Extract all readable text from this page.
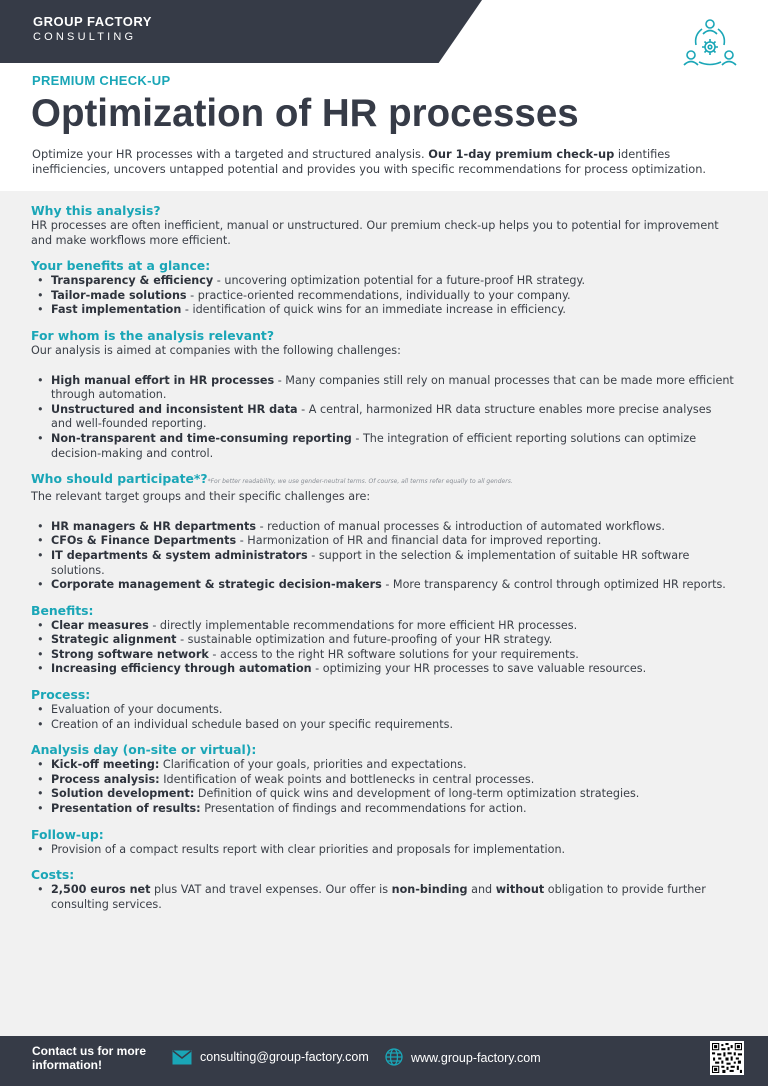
GROUP FACTORY
CONSULTING
PREMIUM CHECK-UP
Optimization of HR processes

Optimize your HR processes with a targeted and structured analysis. Our 1-day premium check-up identifies inefficiencies, uncovers untapped potential and provides you with specific recommendations for process optimization.

Why this analysis?

HR processes are often inefficient, manual or unstructured. Our premium check-up helps you to potential for improvement and make workflows more efficient.

Your benefits at a glance:
• Transparency & efficiency - uncovering optimization potential for a future-proof HR strategy.
• Tailor-made solutions - practice-oriented recommendations, individually to your company.
• Fast implementation - identification of quick wins for an immediate increase in efficiency.
For whom is the analysis relevant?

Our analysis is aimed at companies with the following challenges:

• High manual effort in HR processes - Many companies still rely on manual processes that can be made more efficient through automation.
• Unstructured and inconsistent HR data - A central, harmonized HR data structure enables more precise analyses and well-founded reporting.
• Non-transparent and time-consuming reporting - The integration of efficient reporting solutions can optimize decision-making and control.
Who should participate*?*For better readability, we use gender-neutral terms. Of course, all terms refer equally to all genders.

The relevant target groups and their specific challenges are:

• HR managers & HR departments - reduction of manual processes & introduction of automated workflows.
• CFOs & Finance Departments - Harmonization of HR and financial data for improved reporting.
• IT departments & system administrators - support in the selection & implementation of suitable HR software solutions.
• Corporate management & strategic decision-makers - More transparency & control through optimized HR reports.
Benefits:
• Clear measures - directly implementable recommendations for more efficient HR processes.
• Strategic alignment - sustainable optimization and future-proofing of your HR strategy.
• Strong software network - access to the right HR software solutions for your requirements.
• Increasing efficiency through automation - optimizing your HR processes to save valuable resources.
Process:
• Evaluation of your documents.
• Creation of an individual schedule based on your specific requirements.
Analysis day (on-site or virtual):
• Kick-off meeting: Clarification of your goals, priorities and expectations.
• Process analysis: Identification of weak points and bottlenecks in central processes.
• Solution development: Definition of quick wins and development of long-term optimization strategies.
• Presentation of results: Presentation of findings and recommendations for action.
Follow-up:
• Provision of a compact results report with clear priorities and proposals for implementation.
Costs:
• 2,500 euros net plus VAT and travel expenses. Our offer is non-binding and without obligation to provide further consulting services.
Contact us for more information!
consulting@group-factory.com	www.group-factory.com
